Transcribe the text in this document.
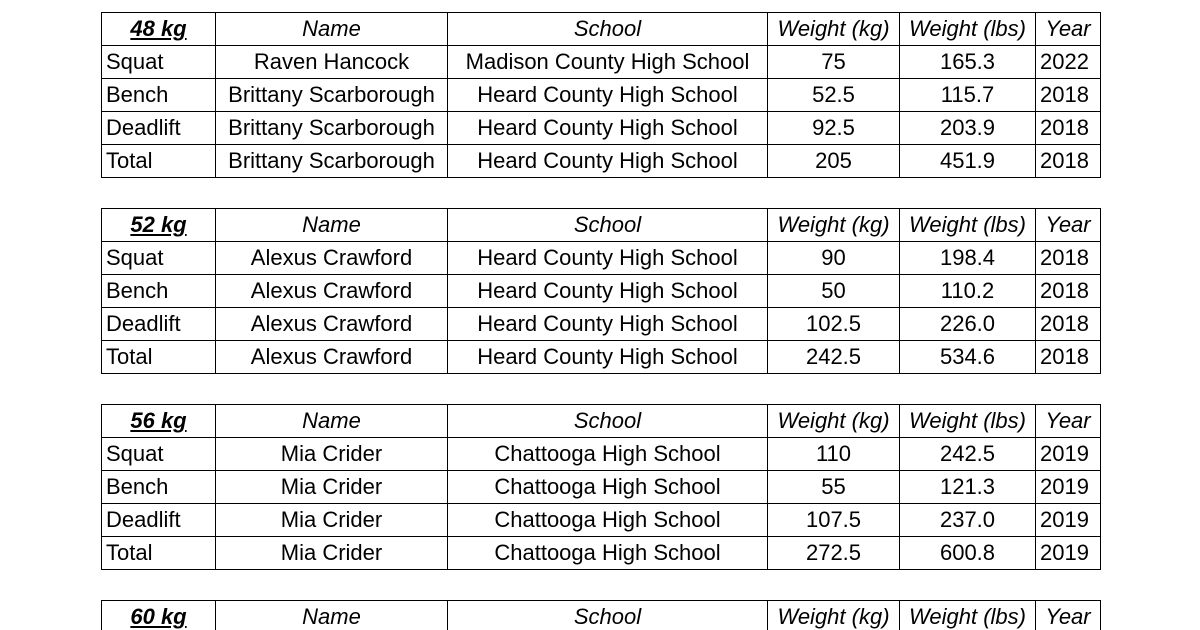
48 kg	Name	School	Weight (kg)	Weight (lbs)	Year
Squat	Raven Hancock	Madison County High School	75	165.3	2022
Bench	Brittany Scarborough	Heard County High School	52.5	115.7	2018
Deadlift	Brittany Scarborough	Heard County High School	92.5	203.9	2018
Total	Brittany Scarborough	Heard County High School	205	451.9	2018
52 kg	Name	School	Weight (kg)	Weight (lbs)	Year
Squat	Alexus Crawford	Heard County High School	90	198.4	2018
Bench	Alexus Crawford	Heard County High School	50	110.2	2018
Deadlift	Alexus Crawford	Heard County High School	102.5	226.0	2018
Total	Alexus Crawford	Heard County High School	242.5	534.6	2018
56 kg	Name	School	Weight (kg)	Weight (lbs)	Year
Squat	Mia Crider	Chattooga High School	110	242.5	2019
Bench	Mia Crider	Chattooga High School	55	121.3	2019
Deadlift	Mia Crider	Chattooga High School	107.5	237.0	2019
Total	Mia Crider	Chattooga High School	272.5	600.8	2019
60 kg	Name	School	Weight (kg)	Weight (lbs)	Year
